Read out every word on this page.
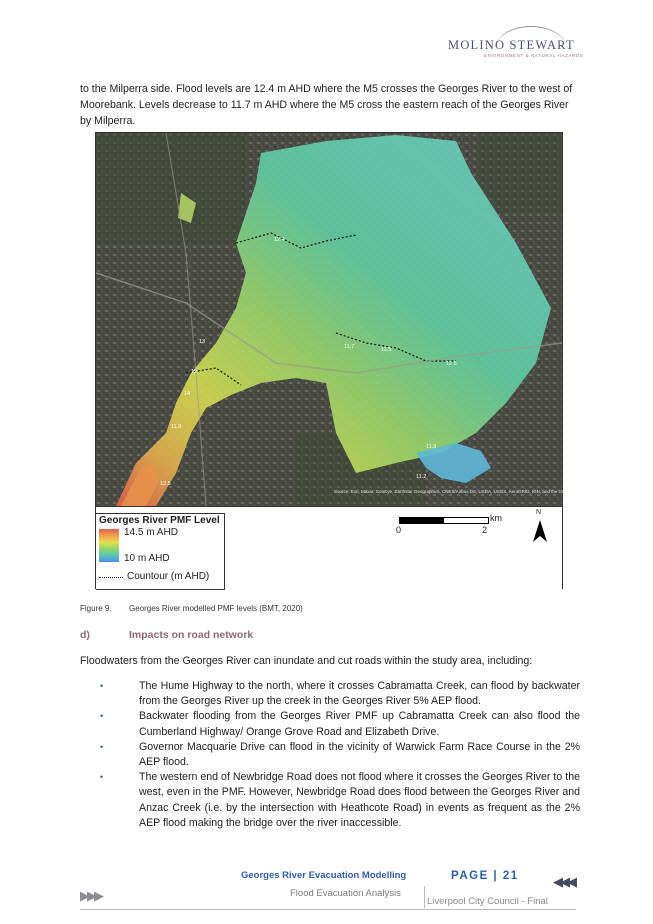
MOLINO STEWART
ENVIRONMENT & NATURAL HAZARDS

to the Milperra side. Flood levels are 12.4 m AHD where the M5 crosses the Georges River to the west of Moorebank. Levels decrease to 11.7 m AHD where the M5 cross the eastern reach of the Georges River by Milperra.

12.4
11.7	11.5
12.5
12
14
11.8
11.9
11.2
12.5
13
Source: Esri, Maxar, GeoEye, Earthstar Geographics, CNES/Airbus DS, USDA, USGS, AeroGRID, IGN, and the GIS User Community
Georges River PMF Level
14.5 m AHD
10 m AHD
Countour (m AHD)
0	2
km
N
Figure 9. Georges River modelled PMF levels (BMT, 2020)
d)	Impacts on road network

Floodwaters from the Georges River can inundate and cut roads within the study area, including:

•	The Hume Highway to the north, where it crosses Cabramatta Creek, can flood by backwater from the Georges River up the creek in the Georges River 5% AEP flood.
•	Backwater flooding from the Georges River PMF up Cabramatta Creek can also flood the Cumberland Highway/ Orange Grove Road and Elizabeth Drive.
•	Governor Macquarie Drive can flood in the vicinity of Warwick Farm Race Course in the 2% AEP flood.
•	The western end of Newbridge Road does not flood where it crosses the Georges River to the west, even in the PMF. However, Newbridge Road does flood between the Georges River and Anzac Creek (i.e. by the intersection with Heathcote Road) in events as frequent as the 2% AEP flood making the bridge over the river inaccessible.
Georges River Evacuation Modelling	PAGE | 21
Flood Evacuation Analysis
Liverpool City Council - Final
▶▶▶
◀◀◀
